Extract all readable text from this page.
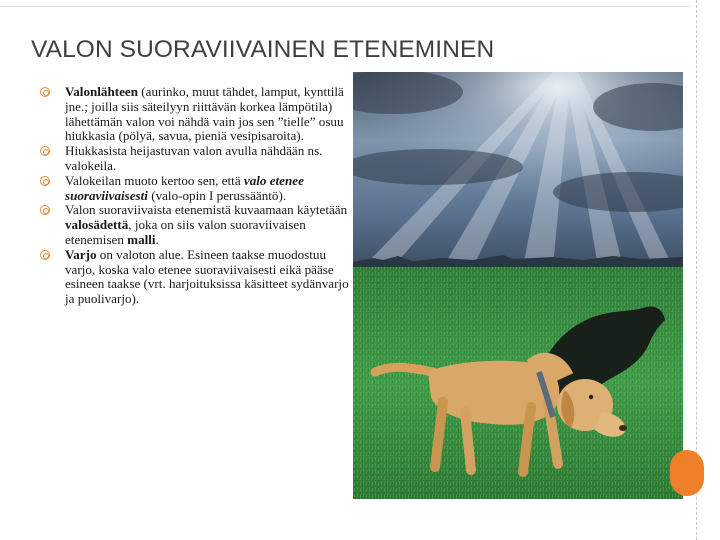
VALON SUORAVIIVAINEN ETENEMINEN
Valonlähteen (aurinko, muut tähdet, lamput, kynttilä jne.; joilla siis säteilyyn riittävän korkea lämpötila) lähettämän valon voi nähdä vain jos sen ”tielle” osuu hiukkasia (pölyä, savua, pieniä vesipisaroita).
Hiukkasista heijastuvan valon avulla nähdään ns. valokeila.
Valokeilan muoto kertoo sen, että valo etenee suoraviivaisesti (valo-opin I perussääntö).
Valon suoraviivaista etenemistä kuvaamaan käytetään valosädettä, joka on siis valon suoraviivaisen etenemisen malli.
Varjo on valoton alue. Esineen taakse muodostuu varjo, koska valo etenee suoraviivaisesti eikä pääse esineen taakse (vrt. harjoituksissa käsitteet sydänvarjo ja puolivarjo).
